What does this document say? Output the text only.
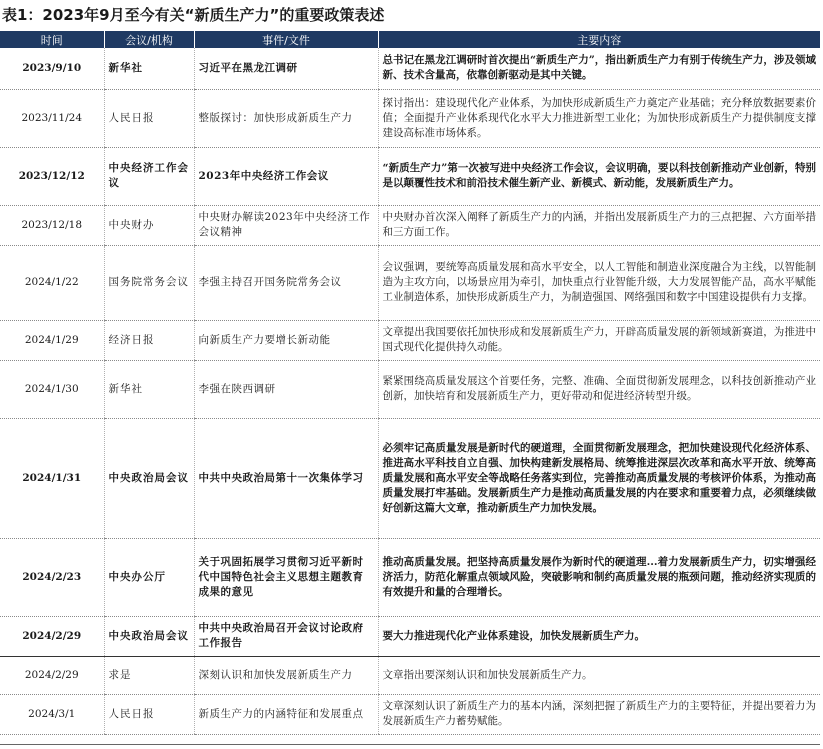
表1：2023年9月至今有关“新质生产力”的重要政策表述
时间	会议/机构	事件/文件	主要内容
2023/9/10	新华社	习近平在黑龙江调研	总书记在黑龙江调研时首次提出“新质生产力”，指出新质生产力有别于传统生产力，涉及领域新、技术含量高，依靠创新驱动是其中关键。
2023/11/24	人民日报	整版探讨：加快形成新质生产力	探讨指出：建设现代化产业体系，为加快形成新质生产力奠定产业基础；充分释放数据要素价值；全面提升产业体系现代化水平大力推进新型工业化；为加快形成新质生产力提供制度支撑建设高标准市场体系。
2023/12/12	中央经济工作会议	2023年中央经济工作会议	“新质生产力”第一次被写进中央经济工作会议，会议明确，要以科技创新推动产业创新，特别是以颠覆性技术和前沿技术催生新产业、新模式、新动能，发展新质生产力。
2023/12/18	中央财办	中央财办解读2023年中央经济工作会议精神	中央财办首次深入阐释了新质生产力的内涵，并指出发展新质生产力的三点把握、六方面举措和三方面工作。
2024/1/22	国务院常务会议	李强主持召开国务院常务会议	会议强调，要统筹高质量发展和高水平安全，以人工智能和制造业深度融合为主线，以智能制造为主攻方向，以场景应用为牵引，加快重点行业智能升级，大力发展智能产品，高水平赋能工业制造体系，加快形成新质生产力，为制造强国、网络强国和数字中国建设提供有力支撑。
2024/1/29	经济日报	向新质生产力要增长新动能	文章提出我国要依托加快形成和发展新质生产力，开辟高质量发展的新领域新赛道，为推进中国式现代化提供持久动能。
2024/1/30	新华社	李强在陕西调研	紧紧围绕高质量发展这个首要任务，完整、准确、全面贯彻新发展理念，以科技创新推动产业创新，加快培育和发展新质生产力，更好带动和促进经济转型升级。
2024/1/31	中央政治局会议	中共中央政治局第十一次集体学习	必须牢记高质量发展是新时代的硬道理，全面贯彻新发展理念，把加快建设现代化经济体系、推进高水平科技自立自强、加快构建新发展格局、统筹推进深层次改革和高水平开放、统筹高质量发展和高水平安全等战略任务落实到位，完善推动高质量发展的考核评价体系，为推动高质量发展打牢基础。发展新质生产力是推动高质量发展的内在要求和重要着力点，必须继续做好创新这篇大文章，推动新质生产力加快发展。
2024/2/23	中央办公厅	关于巩固拓展学习贯彻习近平新时代中国特色社会主义思想主题教育成果的意见	推动高质量发展。把坚持高质量发展作为新时代的硬道理...着力发展新质生产力，切实增强经济活力，防范化解重点领域风险，突破影响和制约高质量发展的瓶颈问题，推动经济实现质的有效提升和量的合理增长。
2024/2/29	中央政治局会议	中共中央政治局召开会议讨论政府工作报告	要大力推进现代化产业体系建设，加快发展新质生产力。
2024/2/29	求是	深刻认识和加快发展新质生产力	文章指出要深刻认识和加快发展新质生产力。
2024/3/1	人民日报	新质生产力的内涵特征和发展重点	文章深刻认识了新质生产力的基本内涵，深刻把握了新质生产力的主要特征，并提出要着力为发展新质生产力蓄势赋能。
